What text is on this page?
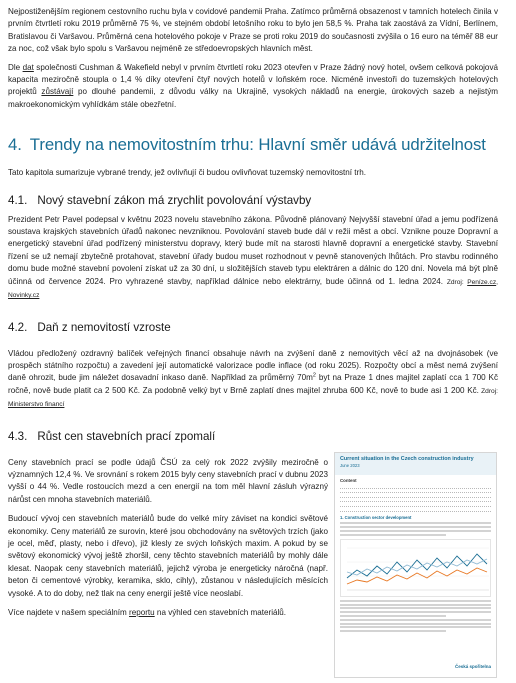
Nejpostiženějším regionem cestovního ruchu byla v covidové pandemii Praha. Zatímco průměrná obsazenost v tamních hotelech činila v prvním čtvrtletí roku 2019 průměrně 75 %, ve stejném období letošního roku to bylo jen 58,5 %. Praha tak zaostává za Vídní, Berlínem, Bratislavou či Varšavou. Průměrná cena hotelového pokoje v Praze se proti roku 2019 do současnosti zvýšila o 16 euro na téměř 88 eur za noc, což však bylo spolu s Varšavou nejméně ze středoevropských hlavních měst.

Dle dat společnosti Cushman & Wakefield nebyl v prvním čtvrtletí roku 2023 otevřen v Praze žádný nový hotel, ovšem celková pokojová kapacita meziročně stoupla o 1,4 % díky otevření čtyř nových hotelů v loňském roce. Nicméně investoři do tuzemských hotelových projektů zůstávají po dlouhé pandemii, z důvodu války na Ukrajině, vysokých nákladů na energie, úrokových sazeb a nejistým makroekonomickým vyhlídkám stále obezřetní.

4. Trendy na nemovitostním trhu: Hlavní směr udává udržitelnost

Tato kapitola sumarizuje vybrané trendy, jež ovlivňují či budou ovlivňovat tuzemský nemovitostní trh.

4.1. Nový stavební zákon má zrychlit povolování výstavby

Prezident Petr Pavel podepsal v květnu 2023 novelu stavebního zákona. Původně plánovaný Nejvyšší stavební úřad a jemu podřízená soustava krajských stavebních úřadů nakonec nevzniknou. Povolování staveb bude dál v režii měst a obcí. Vznikne pouze Dopravní a energetický stavební úřad podřízený ministerstvu dopravy, který bude mít na starosti hlavně dopravní a energetické stavby. Stavební řízení se už nemají zbytečně protahovat, stavební úřady budou muset rozhodnout v pevně stanovených lhůtách. Pro stavbu rodinného domu bude možné stavební povolení získat už za 30 dní, u složitějších staveb typu elektráren a dálnic do 120 dní. Novela má být plně účinná od července 2024. Pro vyhrazené stavby, například dálnice nebo elektrárny, bude účinná od 1. ledna 2024. Zdroj: Peníze.cz, Novinky.cz

4.2. Daň z nemovitostí vzroste

Vládou předložený ozdravný balíček veřejných financí obsahuje návrh na zvýšení daně z nemovitých věcí až na dvojnásobek (ve prospěch státního rozpočtu) a zavedení její automatické valorizace podle inflace (od roku 2025). Rozpočty obcí a měst nemá zvýšení daně ohrozit, bude jim náležet dosavadní inkaso daně. Například za průměrný $70m^2$ byt na Praze 1 dnes majitel zaplatí cca 1 700 Kč ročně, nově bude platit ca 2 500 Kč. Za podobně velký byt v Brně zaplatí dnes majitel zhruba 600 Kč, nově to bude asi 1 200 Kč. Zdroj: Ministerstvo financí

4.3. Růst cen stavebních prací zpomalí

Ceny stavebních prací se podle údajů ČSÚ za celý rok 2022 zvýšily meziročně o významných 12,4 %. Ve srovnání s rokem 2015 byly ceny stavebních prací v dubnu 2023 vyšší o 44 %. Vedle rostoucích mezd a cen energií na tom měl hlavní zásluh výrazný nárůst cen mnoha stavebních materiálů.

Budoucí vývoj cen stavebních materiálů bude do velké míry záviset na kondici světové ekonomiky. Ceny materiálů ze surovin, které jsou obchodovány na světových trzích (jako je ocel, měď, plasty, nebo i dřevo), již klesly ze svých loňských maxim. A pokud by se světový ekonomický vývoj ještě zhoršil, ceny těchto stavebních materiálů by mohly dále klesat. Naopak ceny stavebních materiálů, jejichž výroba je energeticky náročná (např. beton či cementové výrobky, keramika, sklo, cihly), zůstanou v následujících měsících vysoké. A to do doby, než tlak na ceny energií ještě více neoslabí.

Více najdete v našem speciálním reportu na výhled cen stavebních materiálů.

Current situation in the Czech construction industry
June 2023
Content
1. Construction sector development
Česká spořitelna
